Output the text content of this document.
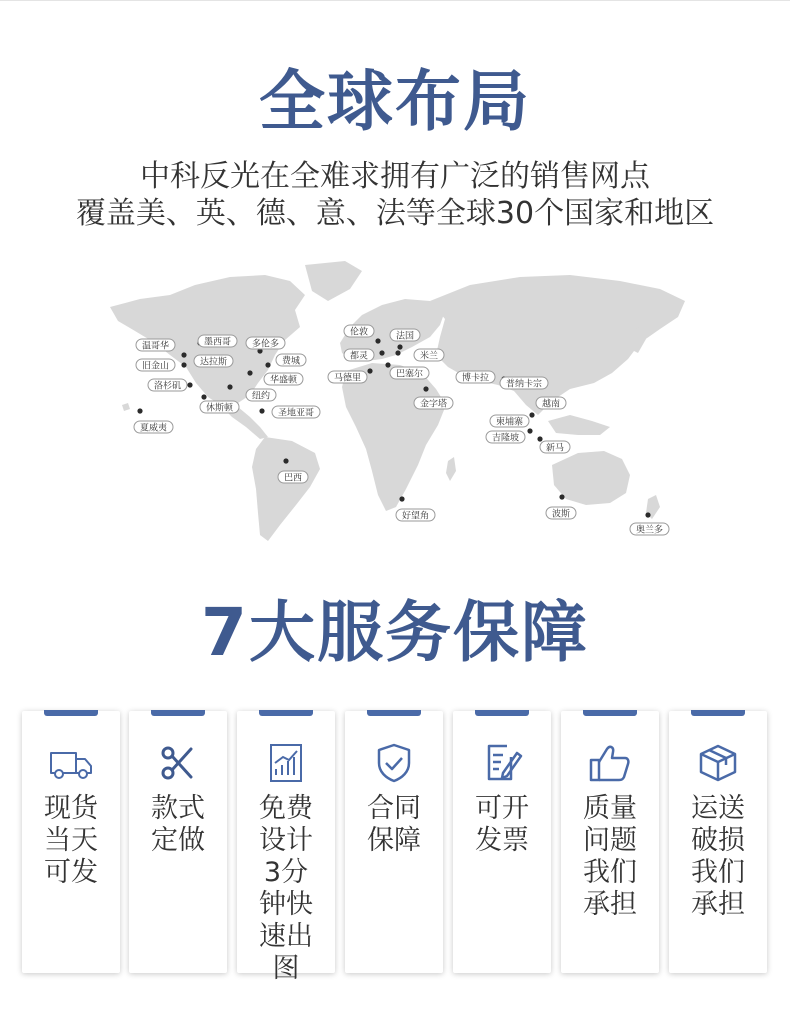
全球布局
中科反光在全难求拥有广泛的销售网点
覆盖美、英、德、意、法等全球30个国家和地区
温哥华	墨西哥 多伦多
旧金山	达拉斯	费城
洛杉矶
华盛顿
纽约
休斯顿	圣地亚哥
夏威夷
巴西
伦敦	法国
都灵	米兰
马德里	巴塞尔
金字塔
博卡拉
普纳卡宗
越南
柬埔寨
吉隆坡
新马
好望角	波斯
奥兰多
7大服务保障
现货当天可发
款式定做
免费设计3分钟快速出图
合同保障
可开发票
质量问题我们承担
运送破损我们承担
